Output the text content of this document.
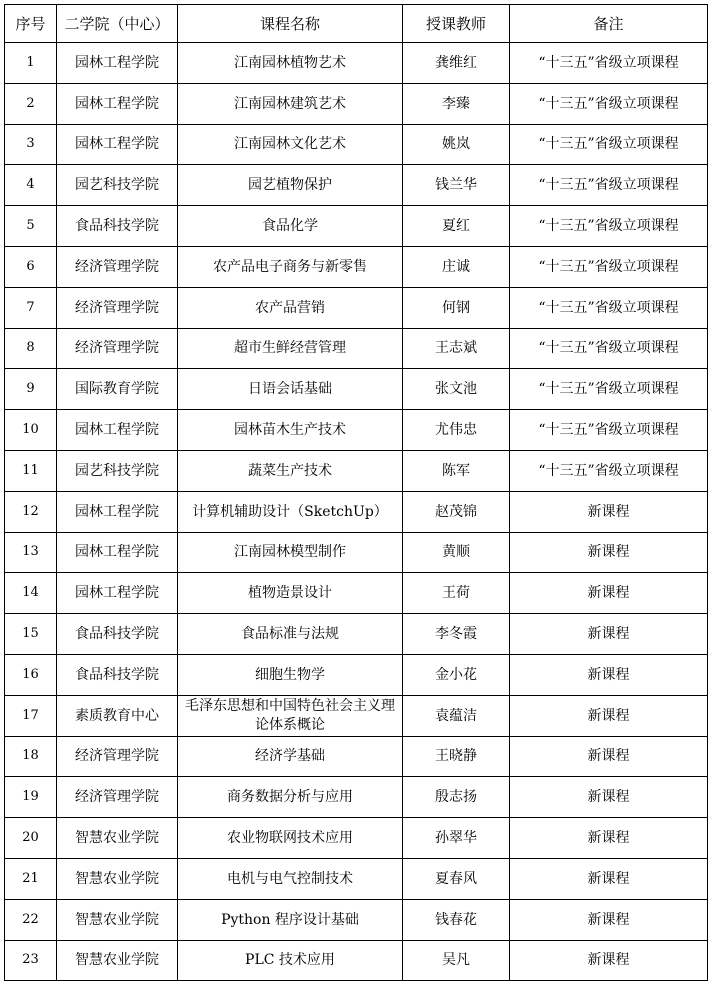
序号	二学院（中心）	课程名称	授课教师	备注
1	园林工程学院	江南园林植物艺术	龚维红	“十三五”省级立项课程
2	园林工程学院	江南园林建筑艺术	李臻	“十三五”省级立项课程
3	园林工程学院	江南园林文化艺术	姚岚	“十三五”省级立项课程
4	园艺科技学院	园艺植物保护	钱兰华	“十三五”省级立项课程
5	食品科技学院	食品化学	夏红	“十三五”省级立项课程
6	经济管理学院	农产品电子商务与新零售	庄诚	“十三五”省级立项课程
7	经济管理学院	农产品营销	何钢	“十三五”省级立项课程
8	经济管理学院	超市生鲜经营管理	王志斌	“十三五”省级立项课程
9	国际教育学院	日语会话基础	张文池	“十三五”省级立项课程
10	园林工程学院	园林苗木生产技术	尤伟忠	“十三五”省级立项课程
11	园艺科技学院	蔬菜生产技术	陈军	“十三五”省级立项课程
12	园林工程学院	计算机辅助设计（SketchUp）	赵茂锦	新课程
13	园林工程学院	江南园林模型制作	黄顺	新课程
14	园林工程学院	植物造景设计	王荷	新课程
15	食品科技学院	食品标准与法规	李冬霞	新课程
16	食品科技学院	细胞生物学	金小花	新课程
17	素质教育中心	毛泽东思想和中国特色社会主义理论体系概论	袁蕴洁	新课程
18	经济管理学院	经济学基础	王晓静	新课程
19	经济管理学院	商务数据分析与应用	殷志扬	新课程
20	智慧农业学院	农业物联网技术应用	孙翠华	新课程
21	智慧农业学院	电机与电气控制技术	夏春风	新课程
22	智慧农业学院	Python 程序设计基础	钱春花	新课程
23	智慧农业学院	PLC 技术应用	吴凡	新课程
